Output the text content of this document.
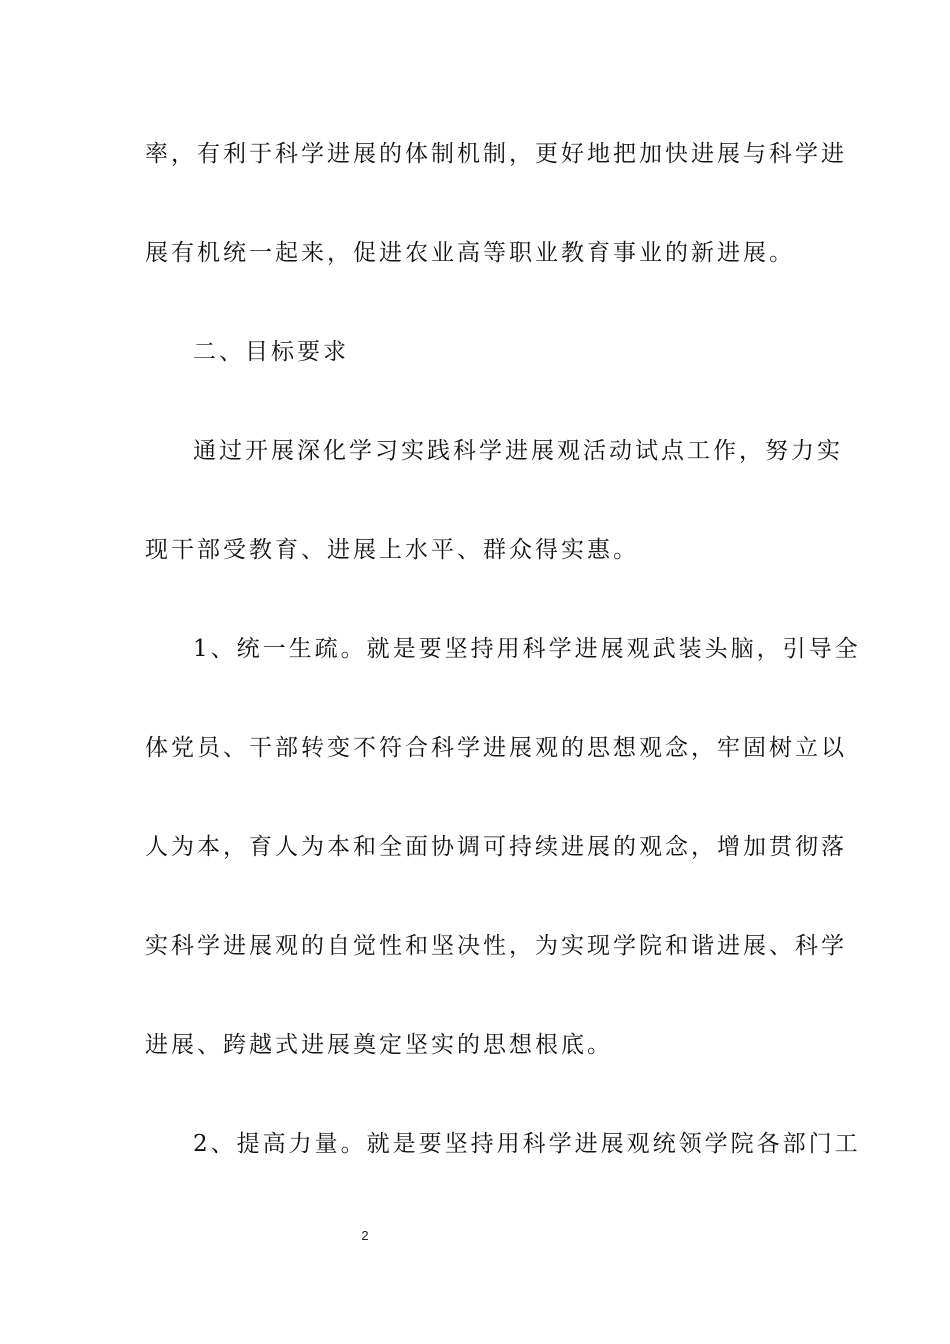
率，有利于科学进展的体制机制，更好地把加快进展与科学进
展有机统一起来，促进农业高等职业教育事业的新进展。
二、目标要求
通过开展深化学习实践科学进展观活动试点工作，努力实
现干部受教育、进展上水平、群众得实惠。
1、统一生疏。就是要坚持用科学进展观武装头脑，引导全
体党员、干部转变不符合科学进展观的思想观念，牢固树立以
人为本，育人为本和全面协调可持续进展的观念，增加贯彻落
实科学进展观的自觉性和坚决性，为实现学院和谐进展、科学
进展、跨越式进展奠定坚实的思想根底。
2、提高力量。就是要坚持用科学进展观统领学院各部门工
2
